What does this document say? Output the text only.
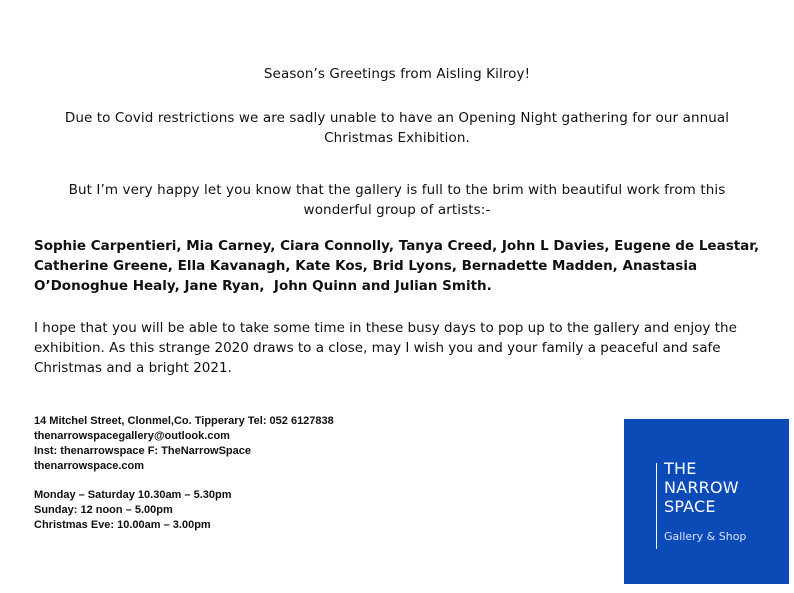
Season’s Greetings from Aisling Kilroy!
Due to Covid restrictions we are sadly unable to have an Opening Night gathering for our annual Christmas Exhibition.
But I’m very happy let you know that the gallery is full to the brim with beautiful work from this wonderful group of artists:-
Sophie Carpentieri, Mia Carney, Ciara Connolly, Tanya Creed, John L Davies, Eugene de Leastar, Catherine Greene, Ella Kavanagh, Kate Kos, Brid Lyons, Bernadette Madden, Anastasia O’Donoghue Healy, Jane Ryan,  John Quinn and Julian Smith.
I hope that you will be able to take some time in these busy days to pop up to the gallery and enjoy the exhibition. As this strange 2020 draws to a close, may I wish you and your family a peaceful and safe Christmas and a bright 2021.
14 Mitchel Street, Clonmel,Co. Tipperary Tel: 052 6127838
thenarrowspacegallery@outlook.com
Inst: thenarrowspace F: TheNarrowSpace
thenarrowspace.com
Monday – Saturday 10.30am – 5.30pm
Sunday: 12 noon – 5.00pm
Christmas Eve: 10.00am – 3.00pm
THE
NARROW
SPACE
Gallery & Shop
